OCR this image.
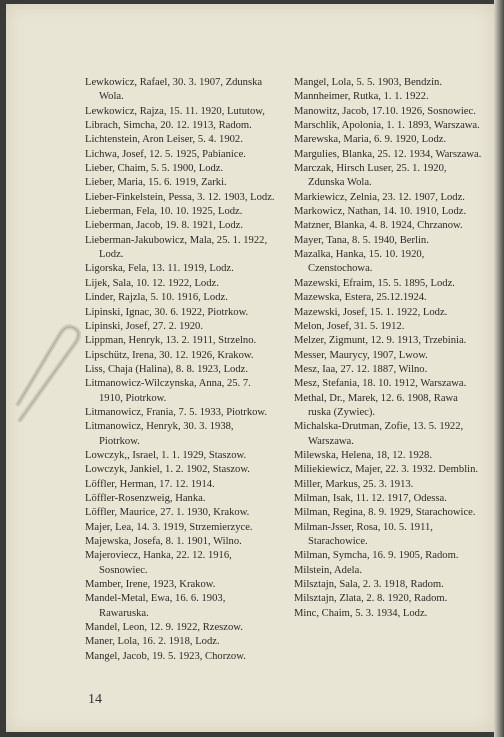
Lewkowicz, Rafael, 30. 3. 1907, Zdunska Wola.
Lewkowicz, Rajza, 15. 11. 1920, Lututow,
Librach, Simcha, 20. 12. 1913, Radom.
Lichtenstein, Aron Leiser, 5. 4. 1902.
Lichwa, Josef, 12. 5. 1925, Pabianice.
Lieber, Chaim, 5. 5. 1900, Lodz.
Lieber, Maria, 15. 6. 1919, Zarki.
Lieber-Finkelstein, Pessa, 3. 12. 1903, Lodz.
Lieberman, Fela, 10. 10. 1925, Lodz.
Lieberman, Jacob, 19. 8. 1921, Lodz.
Lieberman-Jakubowicz, Mala, 25. 1. 1922, Lodz.
Ligorska, Fela, 13. 11. 1919, Lodz.
Lijek, Sala, 10. 12. 1922, Lodz.
Linder, Rajzla, 5. 10. 1916, Lodz.
Lipinski, Ignac, 30. 6. 1922, Piotrkow.
Lipinski, Josef, 27. 2. 1920.
Lippman, Henryk, 13. 2. 1911, Strzelno.
Lipschütz, Irena, 30. 12. 1926, Krakow.
Liss, Chaja (Halina), 8. 8. 1923, Lodz.
Litmanowicz-Wilczynska, Anna, 25. 7. 1910, Piotrkow.
Litmanowicz, Frania, 7. 5. 1933, Piotrkow.
Litmanowicz, Henryk, 30. 3. 1938, Piotrkow.
Lowczyk,, Israel, 1. 1. 1929, Staszow.
Lowczyk, Jankiel, 1. 2. 1902, Staszow.
Löffler, Herman, 17. 12. 1914.
Löffler-Rosenzweig, Hanka.
Löffler, Maurice, 27. 1. 1930, Krakow.
Majer, Lea, 14. 3. 1919, Strzemierzyce.
Majewska, Josefa, 8. 1. 1901, Wilno.
Majeroviecz, Hanka, 22. 12. 1916, Sosnowiec.
Mamber, Irene, 1923, Krakow.
Mandel-Metal, Ewa, 16. 6. 1903, Rawaruska.
Mandel, Leon, 12. 9. 1922, Rzeszow.
Maner, Lola, 16. 2. 1918, Lodz.
Mangel, Jacob, 19. 5. 1923, Chorzow.
Mangel, Lola, 5. 5. 1903, Bendzin.
Mannheimer, Rutka, 1. 1. 1922.
Manowitz, Jacob, 17.10. 1926, Sosnowiec.
Marschlik, Apolonia, 1. 1. 1893, Warszawa.
Marewska, Maria, 6. 9. 1920, Lodz.
Margulies, Blanka, 25. 12. 1934, Warszawa.
Marczak, Hirsch Luser, 25. 1. 1920, Zdunska Wola.
Markiewicz, Zelnia, 23. 12. 1907, Lodz.
Markowicz, Nathan, 14. 10. 1910, Lodz.
Matzner, Blanka, 4. 8. 1924, Chrzanow.
Mayer, Tana, 8. 5. 1940, Berlin.
Mazalka, Hanka, 15. 10. 1920, Czenstochowa.
Mazewski, Efraim, 15. 5. 1895, Lodz.
Mazewska, Estera, 25.12.1924.
Mazewski, Josef, 15. 1. 1922, Lodz.
Melon, Josef, 31. 5. 1912.
Melzer, Zigmunt, 12. 9. 1913, Trzebinia.
Messer, Maurycy, 1907, Lwow.
Mesz, Iaa, 27. 12. 1887, Wilno.
Mesz, Stefania, 18. 10. 1912, Warszawa.
Methal, Dr., Marek, 12. 6. 1908, Rawa ruska (Zywiec).
Michalska-Drutman, Zofie, 13. 5. 1922, Warszawa.
Milewska, Helena, 18, 12. 1928.
Miliekiewicz, Majer, 22. 3. 1932. Demblin.
Miller, Markus, 25. 3. 1913.
Milman, Isak, 11. 12. 1917, Odessa.
Milman, Regina, 8. 9. 1929, Starachowice.
Milman-Jsser, Rosa, 10. 5. 1911, Starachowice.
Milman, Symcha, 16. 9. 1905, Radom.
Milstein, Adela.
Milsztajn, Sala, 2. 3. 1918, Radom.
Milsztajn, Zlata, 2. 8. 1920, Radom.
Minc, Chaim, 5. 3. 1934, Lodz.
14
